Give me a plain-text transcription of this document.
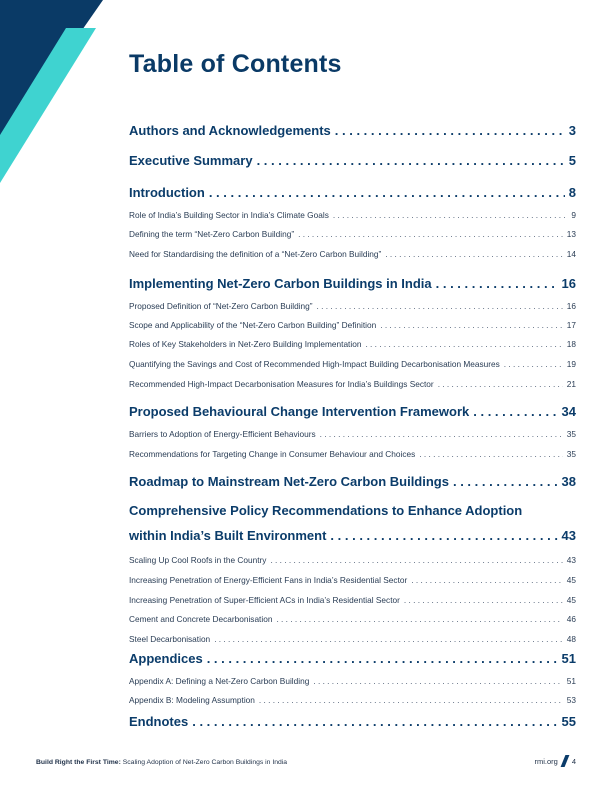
Table of Contents
Authors and Acknowledgements . . .	3
Executive Summary . . .	5
Introduction . . .	8
Role of India’s Building Sector in India’s Climate Goals . . .	9
Defining the term “Net-Zero Carbon Building” . . .	13
Need for Standardising the definition of a “Net-Zero Carbon Building” . . .	14
Implementing Net-Zero Carbon Buildings in India . . .	16
Proposed Definition of “Net-Zero Carbon Building” . . .	16
Scope and Applicability of the “Net-Zero Carbon Building” Definition . . .	17
Roles of Key Stakeholders in Net-Zero Building Implementation . . .	18
Quantifying the Savings and Cost of Recommended High-Impact Building Decarbonisation Measures . . .	19
Recommended High-Impact Decarbonisation Measures for India’s Buildings Sector . . .	21
Proposed Behavioural Change Intervention Framework . . .	34
Barriers to Adoption of Energy-Efficient Behaviours . . .	35
Recommendations for Targeting Change in Consumer Behaviour and Choices . . .	35
Roadmap to Mainstream Net-Zero Carbon Buildings . . .	38
Comprehensive Policy Recommendations to Enhance Adoption
within India’s Built Environment . . .	43
Scaling Up Cool Roofs in the Country . . .	43
Increasing Penetration of Energy-Efficient Fans in India’s Residential Sector . . .	45
Increasing Penetration of Super-Efficient ACs in India’s Residential Sector . . .	45
Cement and Concrete Decarbonisation . . .	46
Steel Decarbonisation . . .	48
Appendices . . .	51
Appendix A: Defining a Net-Zero Carbon Building . . .	51
Appendix B: Modeling Assumption . . .	53
Endnotes . . .	55
Build Right the First Time: Scaling Adoption of Net-Zero Carbon Buildings in India	rmi.org 4
